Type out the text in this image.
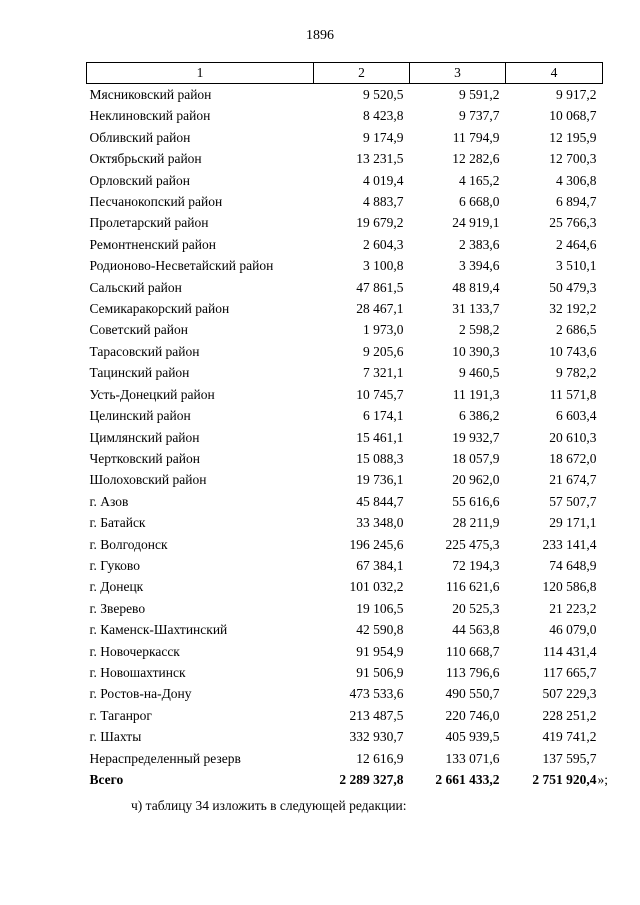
1896
1	2	3	4
Мясниковский район	9 520,5	9 591,2	9 917,2
Неклиновский район	8 423,8	9 737,7	10 068,7
Обливский район	9 174,9	11 794,9	12 195,9
Октябрьский район	13 231,5	12 282,6	12 700,3
Орловский район	4 019,4	4 165,2	4 306,8
Песчанокопский район	4 883,7	6 668,0	6 894,7
Пролетарский район	19 679,2	24 919,1	25 766,3
Ремонтненский район	2 604,3	2 383,6	2 464,6
Родионово-Несветайский район	3 100,8	3 394,6	3 510,1
Сальский район	47 861,5	48 819,4	50 479,3
Семикаракорский район	28 467,1	31 133,7	32 192,2
Советский район	1 973,0	2 598,2	2 686,5
Тарасовский район	9 205,6	10 390,3	10 743,6
Тацинский район	7 321,1	9 460,5	9 782,2
Усть-Донецкий район	10 745,7	11 191,3	11 571,8
Целинский район	6 174,1	6 386,2	6 603,4
Цимлянский район	15 461,1	19 932,7	20 610,3
Чертковский район	15 088,3	18 057,9	18 672,0
Шолоховский район	19 736,1	20 962,0	21 674,7
г. Азов	45 844,7	55 616,6	57 507,7
г. Батайск	33 348,0	28 211,9	29 171,1
г. Волгодонск	196 245,6	225 475,3	233 141,4
г. Гуково	67 384,1	72 194,3	74 648,9
г. Донецк	101 032,2	116 621,6	120 586,8
г. Зверево	19 106,5	20 525,3	21 223,2
г. Каменск-Шахтинский	42 590,8	44 563,8	46 079,0
г. Новочеркасск	91 954,9	110 668,7	114 431,4
г. Новошахтинск	91 506,9	113 796,6	117 665,7
г. Ростов-на-Дону	473 533,6	490 550,7	507 229,3
г. Таганрог	213 487,5	220 746,0	228 251,2
г. Шахты	332 930,7	405 939,5	419 741,2
Нераспределенный резерв	12 616,9	133 071,6	137 595,7
Всего	2 289 327,8	2 661 433,2	2 751 920,4 »;
ч) таблицу 34 изложить в следующей редакции:
